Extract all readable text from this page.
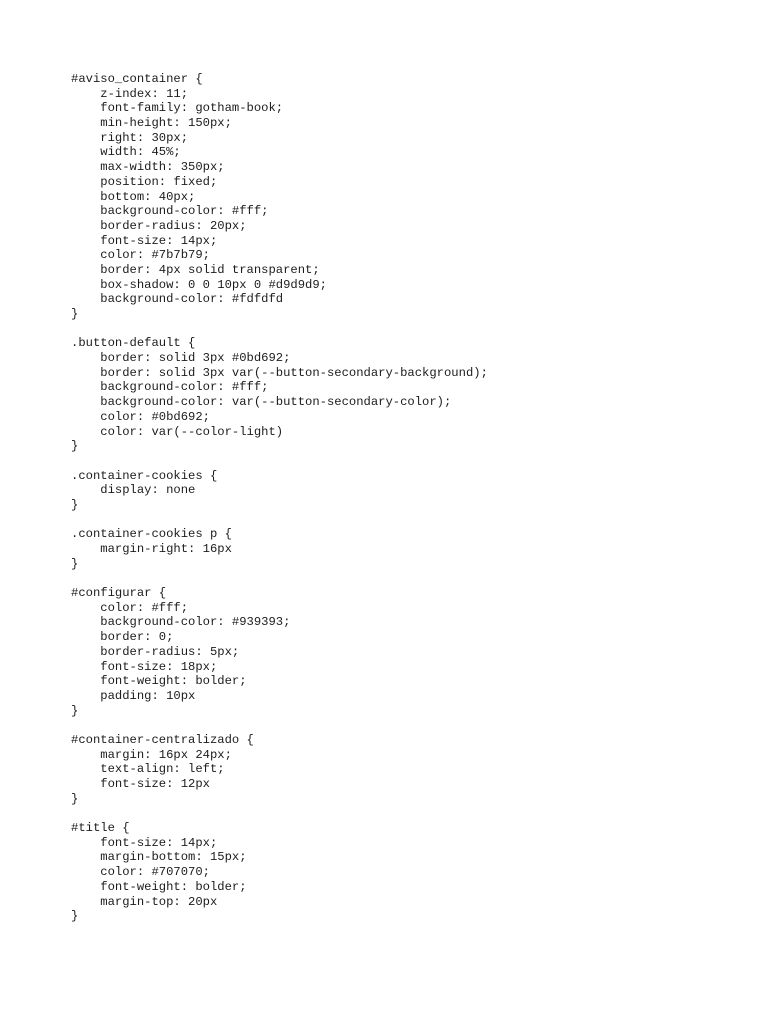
#aviso_container {
z-index: 11;
font-family: gotham-book;
min-height: 150px;
right: 30px;
width: 45%;
max-width: 350px;
position: fixed;
bottom: 40px;
background-color: #fff;
border-radius: 20px;
font-size: 14px;
color: #7b7b79;
border: 4px solid transparent;
box-shadow: 0 0 10px 0 #d9d9d9;
background-color: #fdfdfd
}
.button-default {
border: solid 3px #0bd692;
border: solid 3px var(--button-secondary-background);
background-color: #fff;
background-color: var(--button-secondary-color);
color: #0bd692;
color: var(--color-light)
}
.container-cookies {
display: none
}
.container-cookies p {
margin-right: 16px
}
#configurar {
color: #fff;
background-color: #939393;
border: 0;
border-radius: 5px;
font-size: 18px;
font-weight: bolder;
padding: 10px
}
#container-centralizado {
margin: 16px 24px;
text-align: left;
font-size: 12px
}
#title {
font-size: 14px;
margin-bottom: 15px;
color: #707070;
font-weight: bolder;
margin-top: 20px
}
